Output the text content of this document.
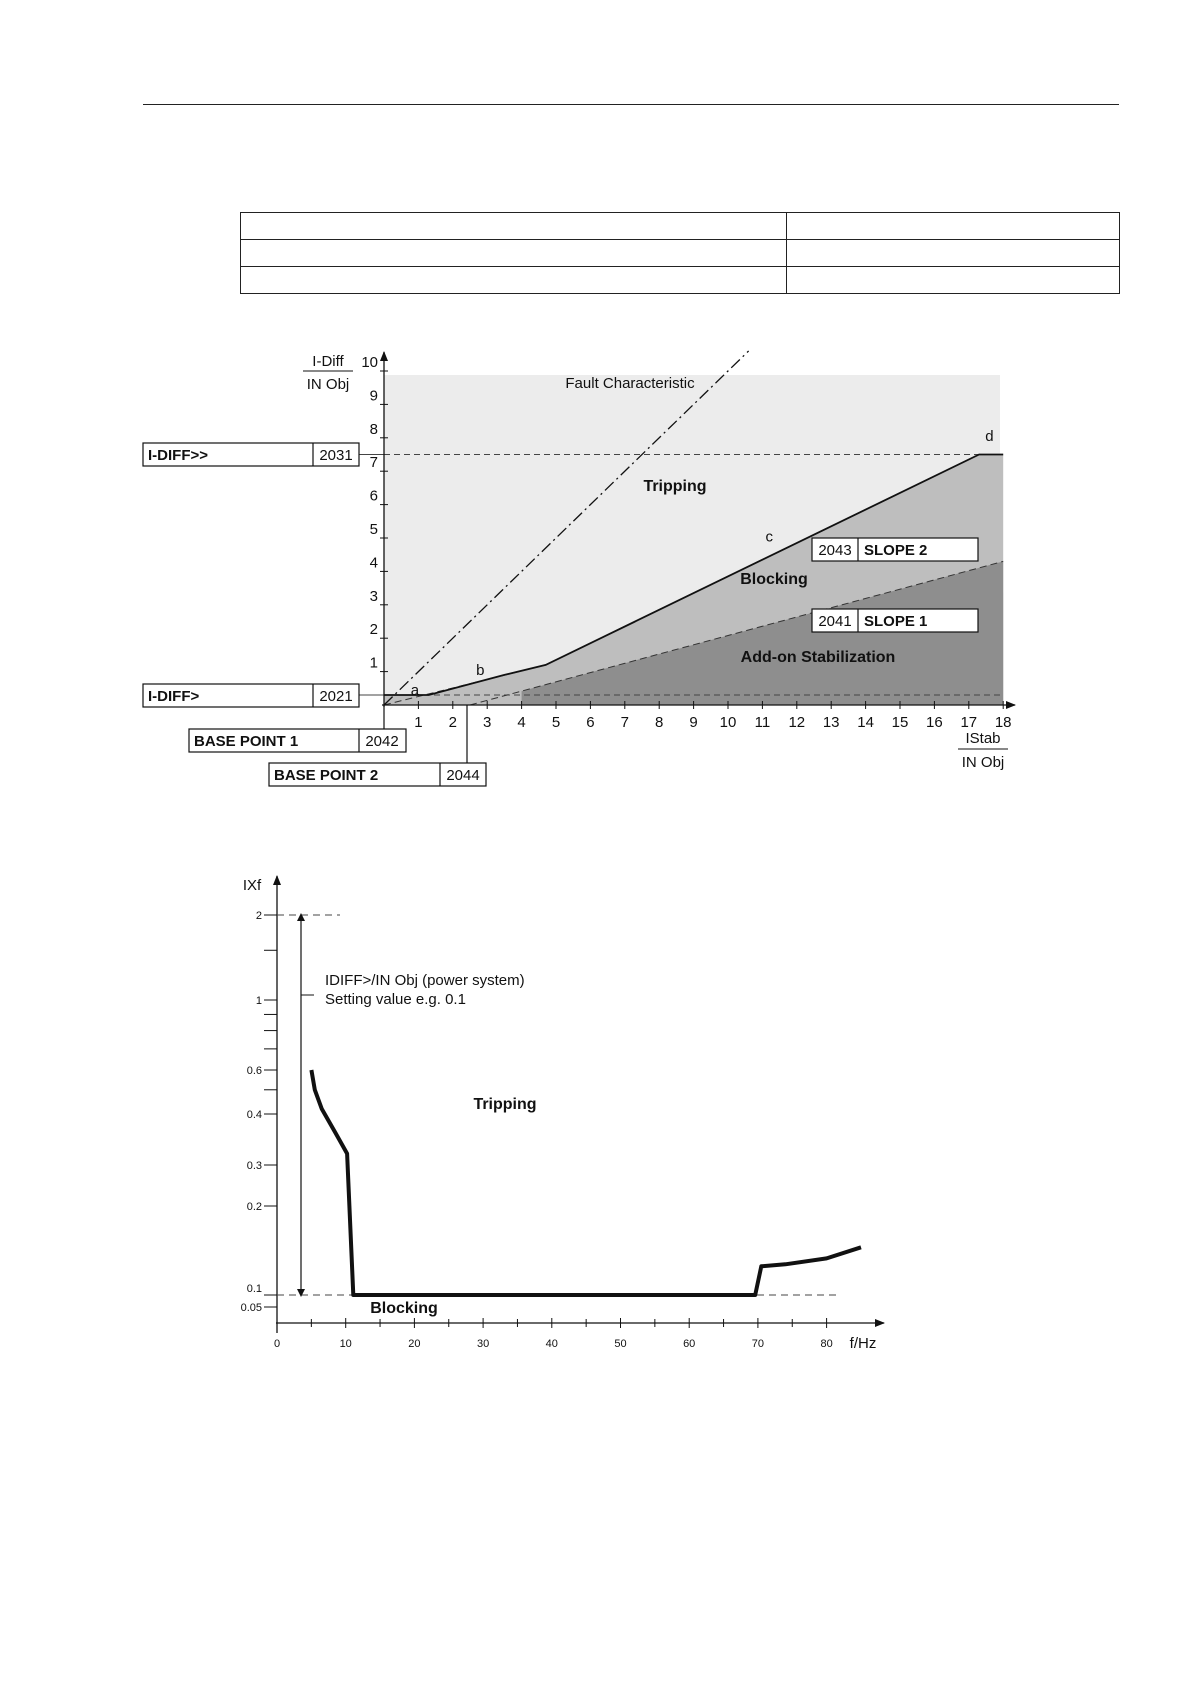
1 2 3 4 5 6 7 8 9 10 11 12 13 14 15 16 17 18
1
2
3
4
5
6
7
8
9
10
I-Diff
IN Obj
IStab
IN Obj
Tripping
Blocking
Add-on Stabilization
Fault Characteristic
a
b
c
d
I-DIFF>>	2031
I-DIFF>	2021
BASE POINT 1	2042
BASE POINT 2	2044
2043 SLOPE 2
2041 SLOPE 1
0.05
0.1
0.2
0.3
0.4
0.6
1
2
0	10	20	30	40	50	60	70	80
IXf
f/Hz
Tripping
Blocking
IDIFF>/IN Obj (power system)
Setting value e.g. 0.1
